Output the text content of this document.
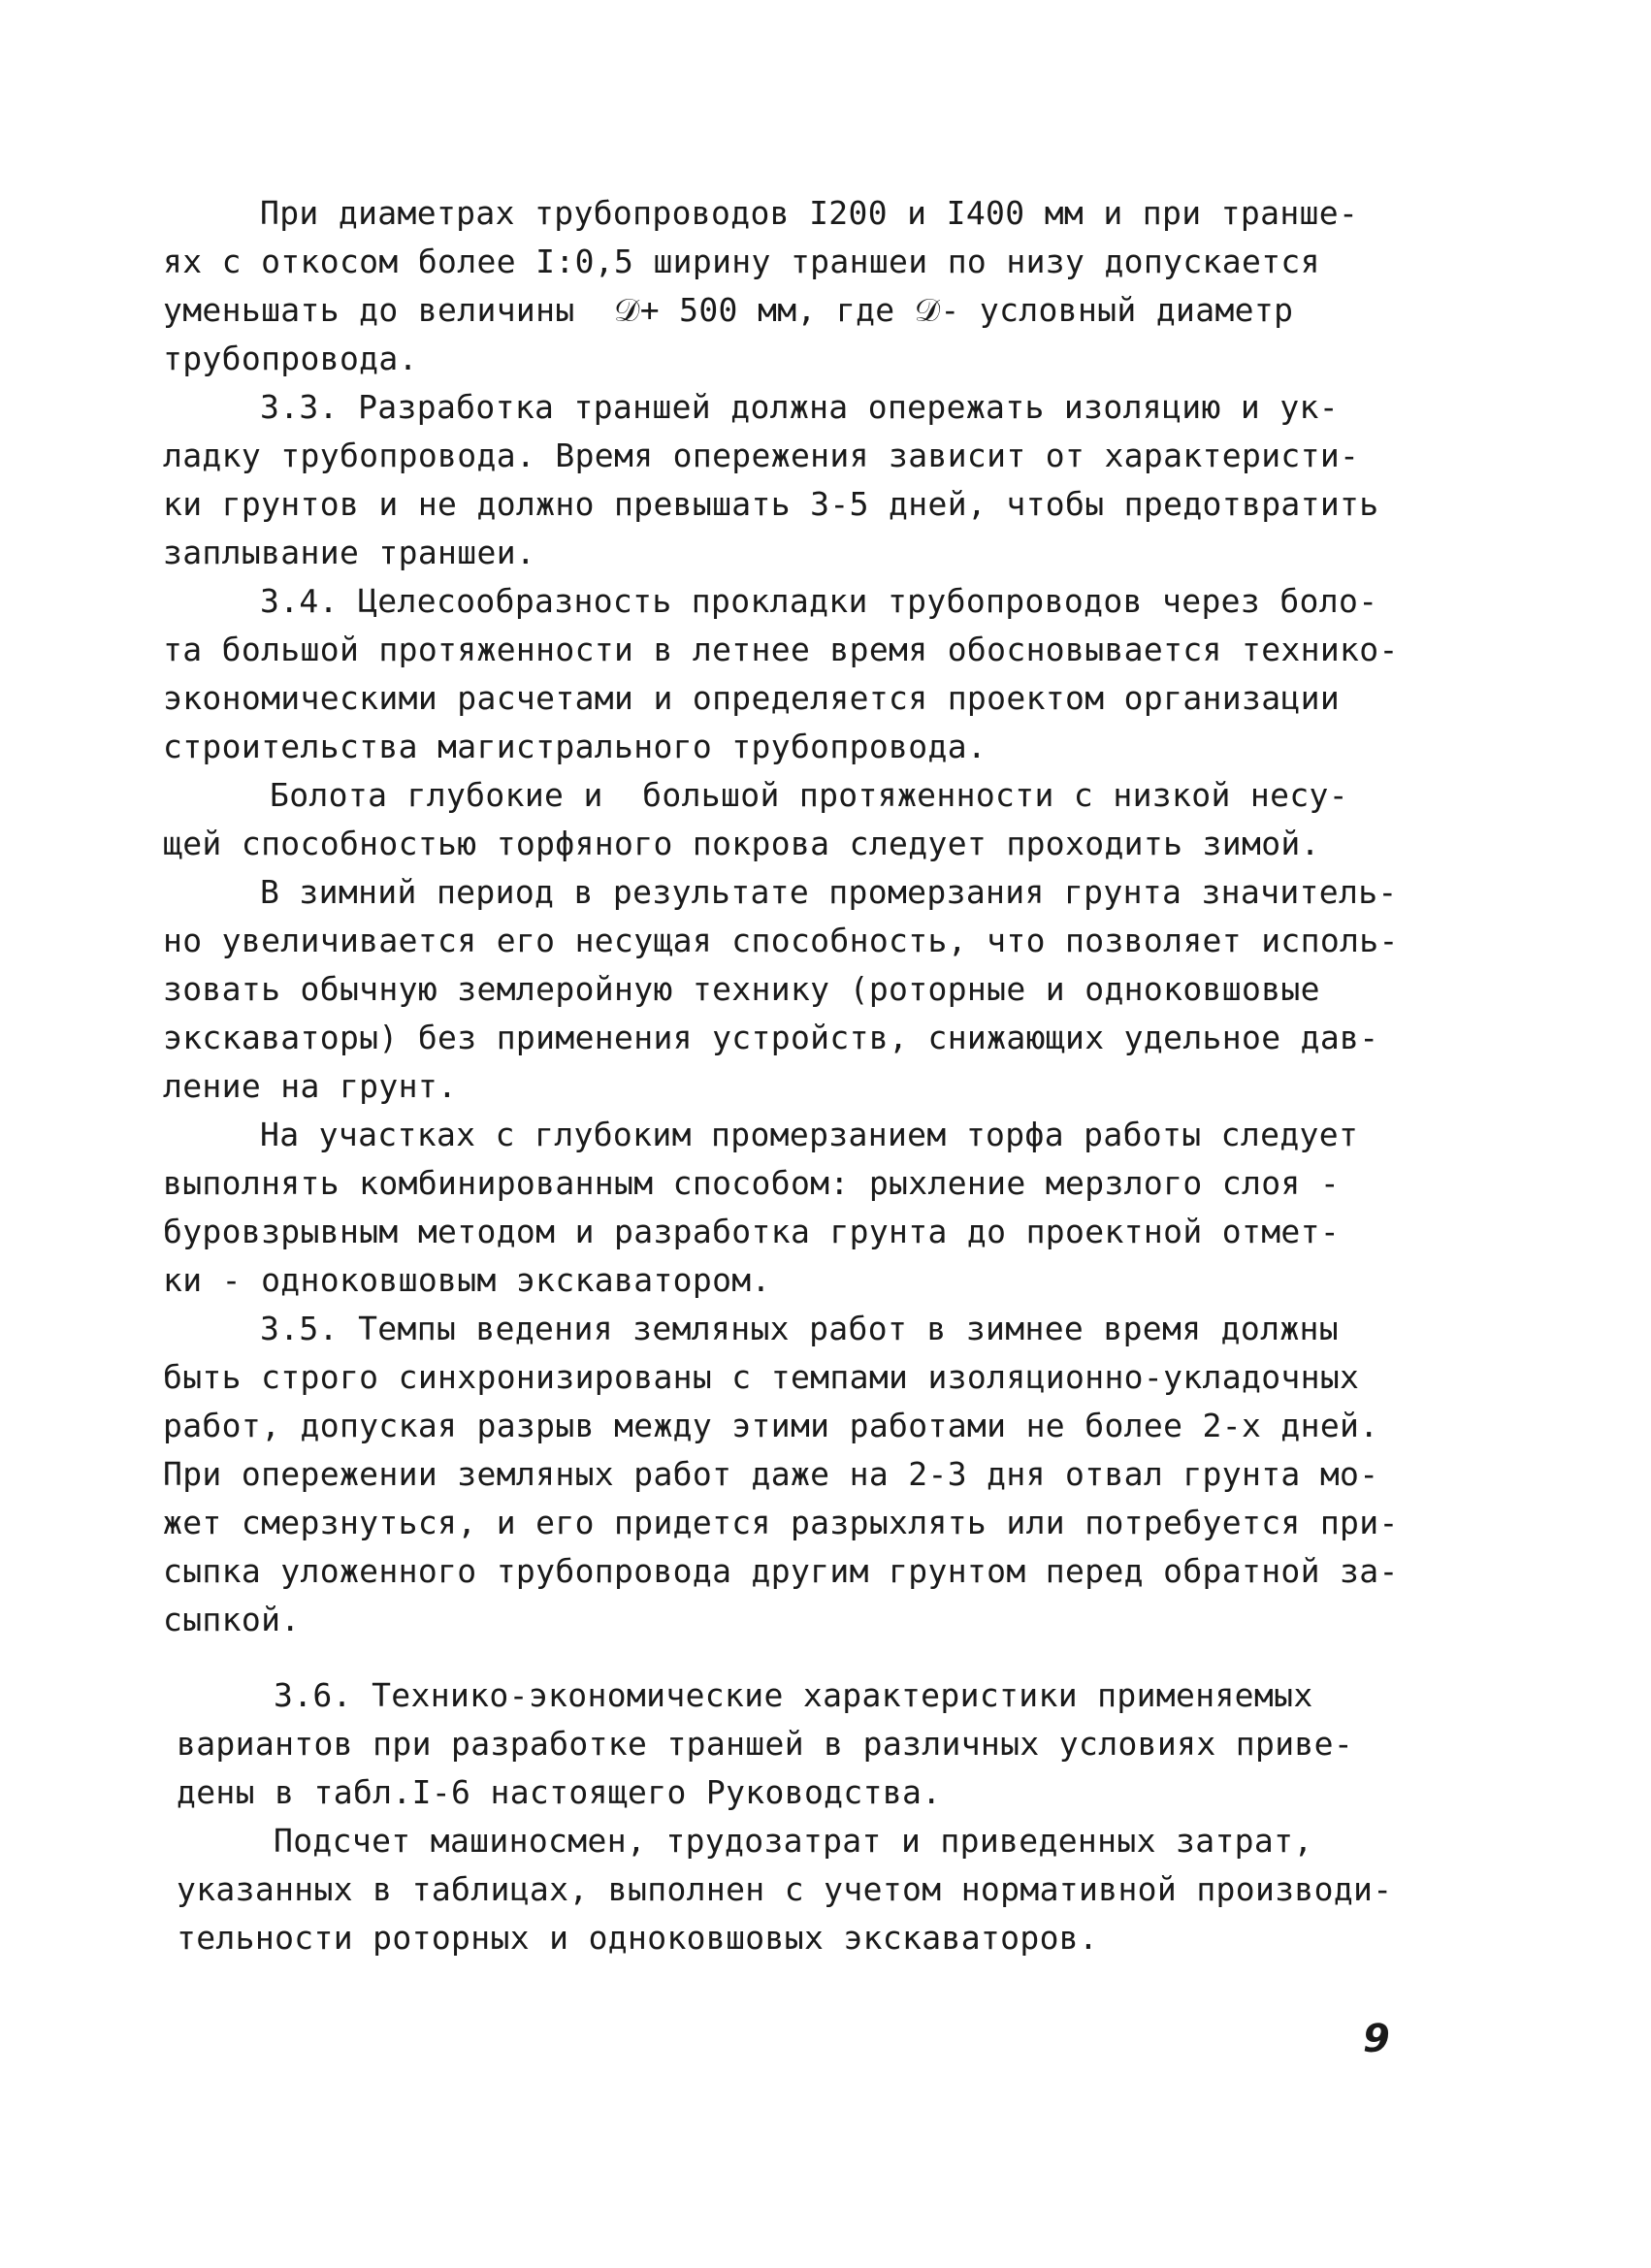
При диаметрах трубопроводов I200 и I400 мм и при транше-
ях с откосом более I:0,5 ширину траншеи по низу допускается
уменьшать до величины  𝒟+ 500 мм, где 𝒟- условный диаметр
трубопровода.
3.3. Разработка траншей должна опережать изоляцию и ук-
ладку трубопровода. Время опережения зависит от характеристи-
ки грунтов и не должно превышать 3-5 дней, чтобы предотвратить
заплывание траншеи.
3.4. Целесообразность прокладки трубопроводов через боло-
та большой протяженности в летнее время обосновывается технико-
экономическими расчетами и определяется проектом организации
строительства магистрального трубопровода.
Болота глубокие и  большой протяженности с низкой несу-
щей способностью торфяного покрова следует проходить зимой.
В зимний период в результате промерзания грунта значитель-
но увеличивается его несущая способность, что позволяет исполь-
зовать обычную землеройную технику (роторные и одноковшовые
экскаваторы) без применения устройств, снижающих удельное дав-
ление на грунт.
На участках с глубоким промерзанием торфа работы следует
выполнять комбинированным способом: рыхление мерзлого слоя -
буровзрывным методом и разработка грунта до проектной отмет-
ки - одноковшовым экскаватором.
3.5. Темпы ведения земляных работ в зимнее время должны
быть строго синхронизированы с темпами изоляционно-укладочных
работ, допуская разрыв между этими работами не более 2-х дней.
При опережении земляных работ даже на 2-3 дня отвал грунта мо-
жет смерзнуться, и его придется разрыхлять или потребуется при-
сыпка уложенного трубопровода другим грунтом перед обратной за-
сыпкой.
3.6. Технико-экономические характеристики применяемых
вариантов при разработке траншей в различных условиях приве-
дены в табл.I-6 настоящего Руководства.
Подсчет машиносмен, трудозатрат и приведенных затрат,
указанных в таблицах, выполнен с учетом нормативной производи-
тельности роторных и одноковшовых экскаваторов.
9
